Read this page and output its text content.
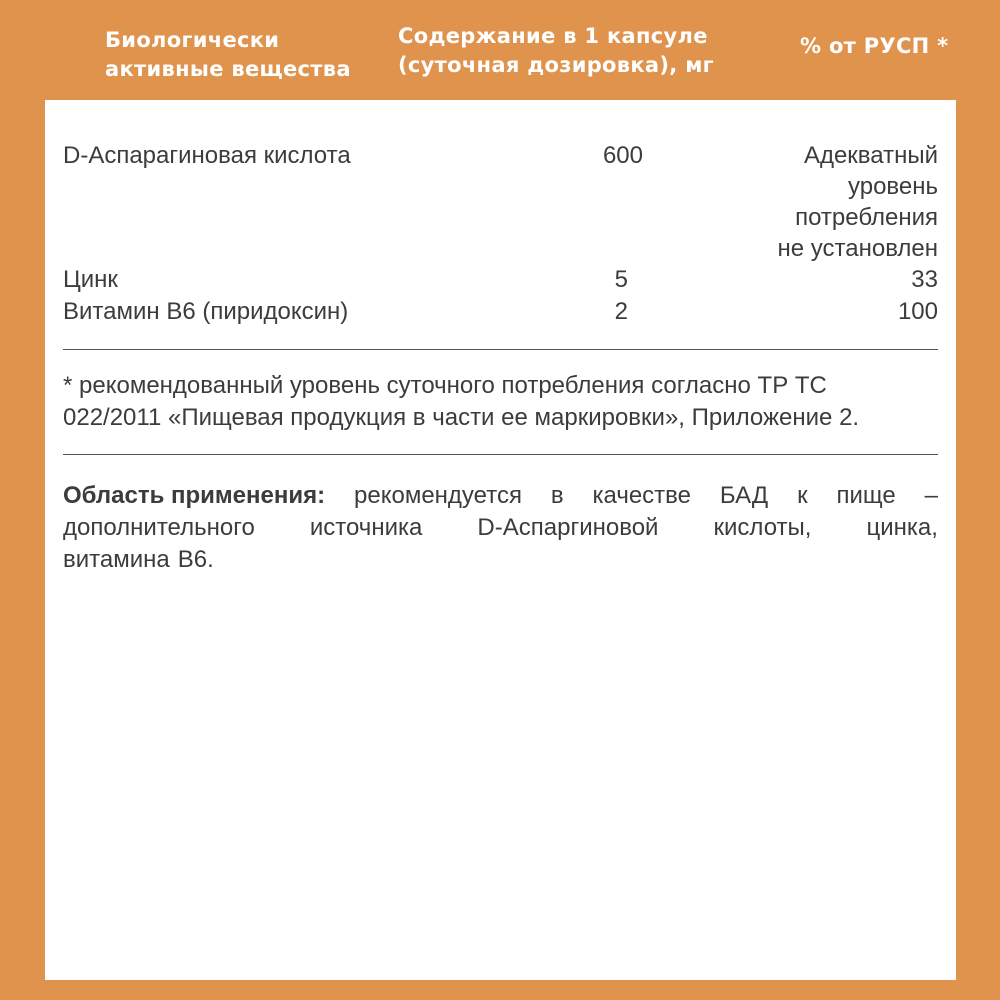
Биологически
активные вещества
Содержание в 1 капсуле
(суточная дозировка), мг
% от РУСП *
D-Аспарагиновая кислота	600	Адекватный
уровень
потребления
не установлен
Цинк	5	33
Витамин В6 (пиридоксин)	2	100
* рекомендованный уровень суточного потребления согласно ТР ТС
022/2011 «Пищевая продукция в части ее маркировки», Приложение 2.
Область применения: рекомендуется в качестве БАД к пище –
дополнительного источника D-Аспаргиновой кислоты, цинка,
витамина В6.
